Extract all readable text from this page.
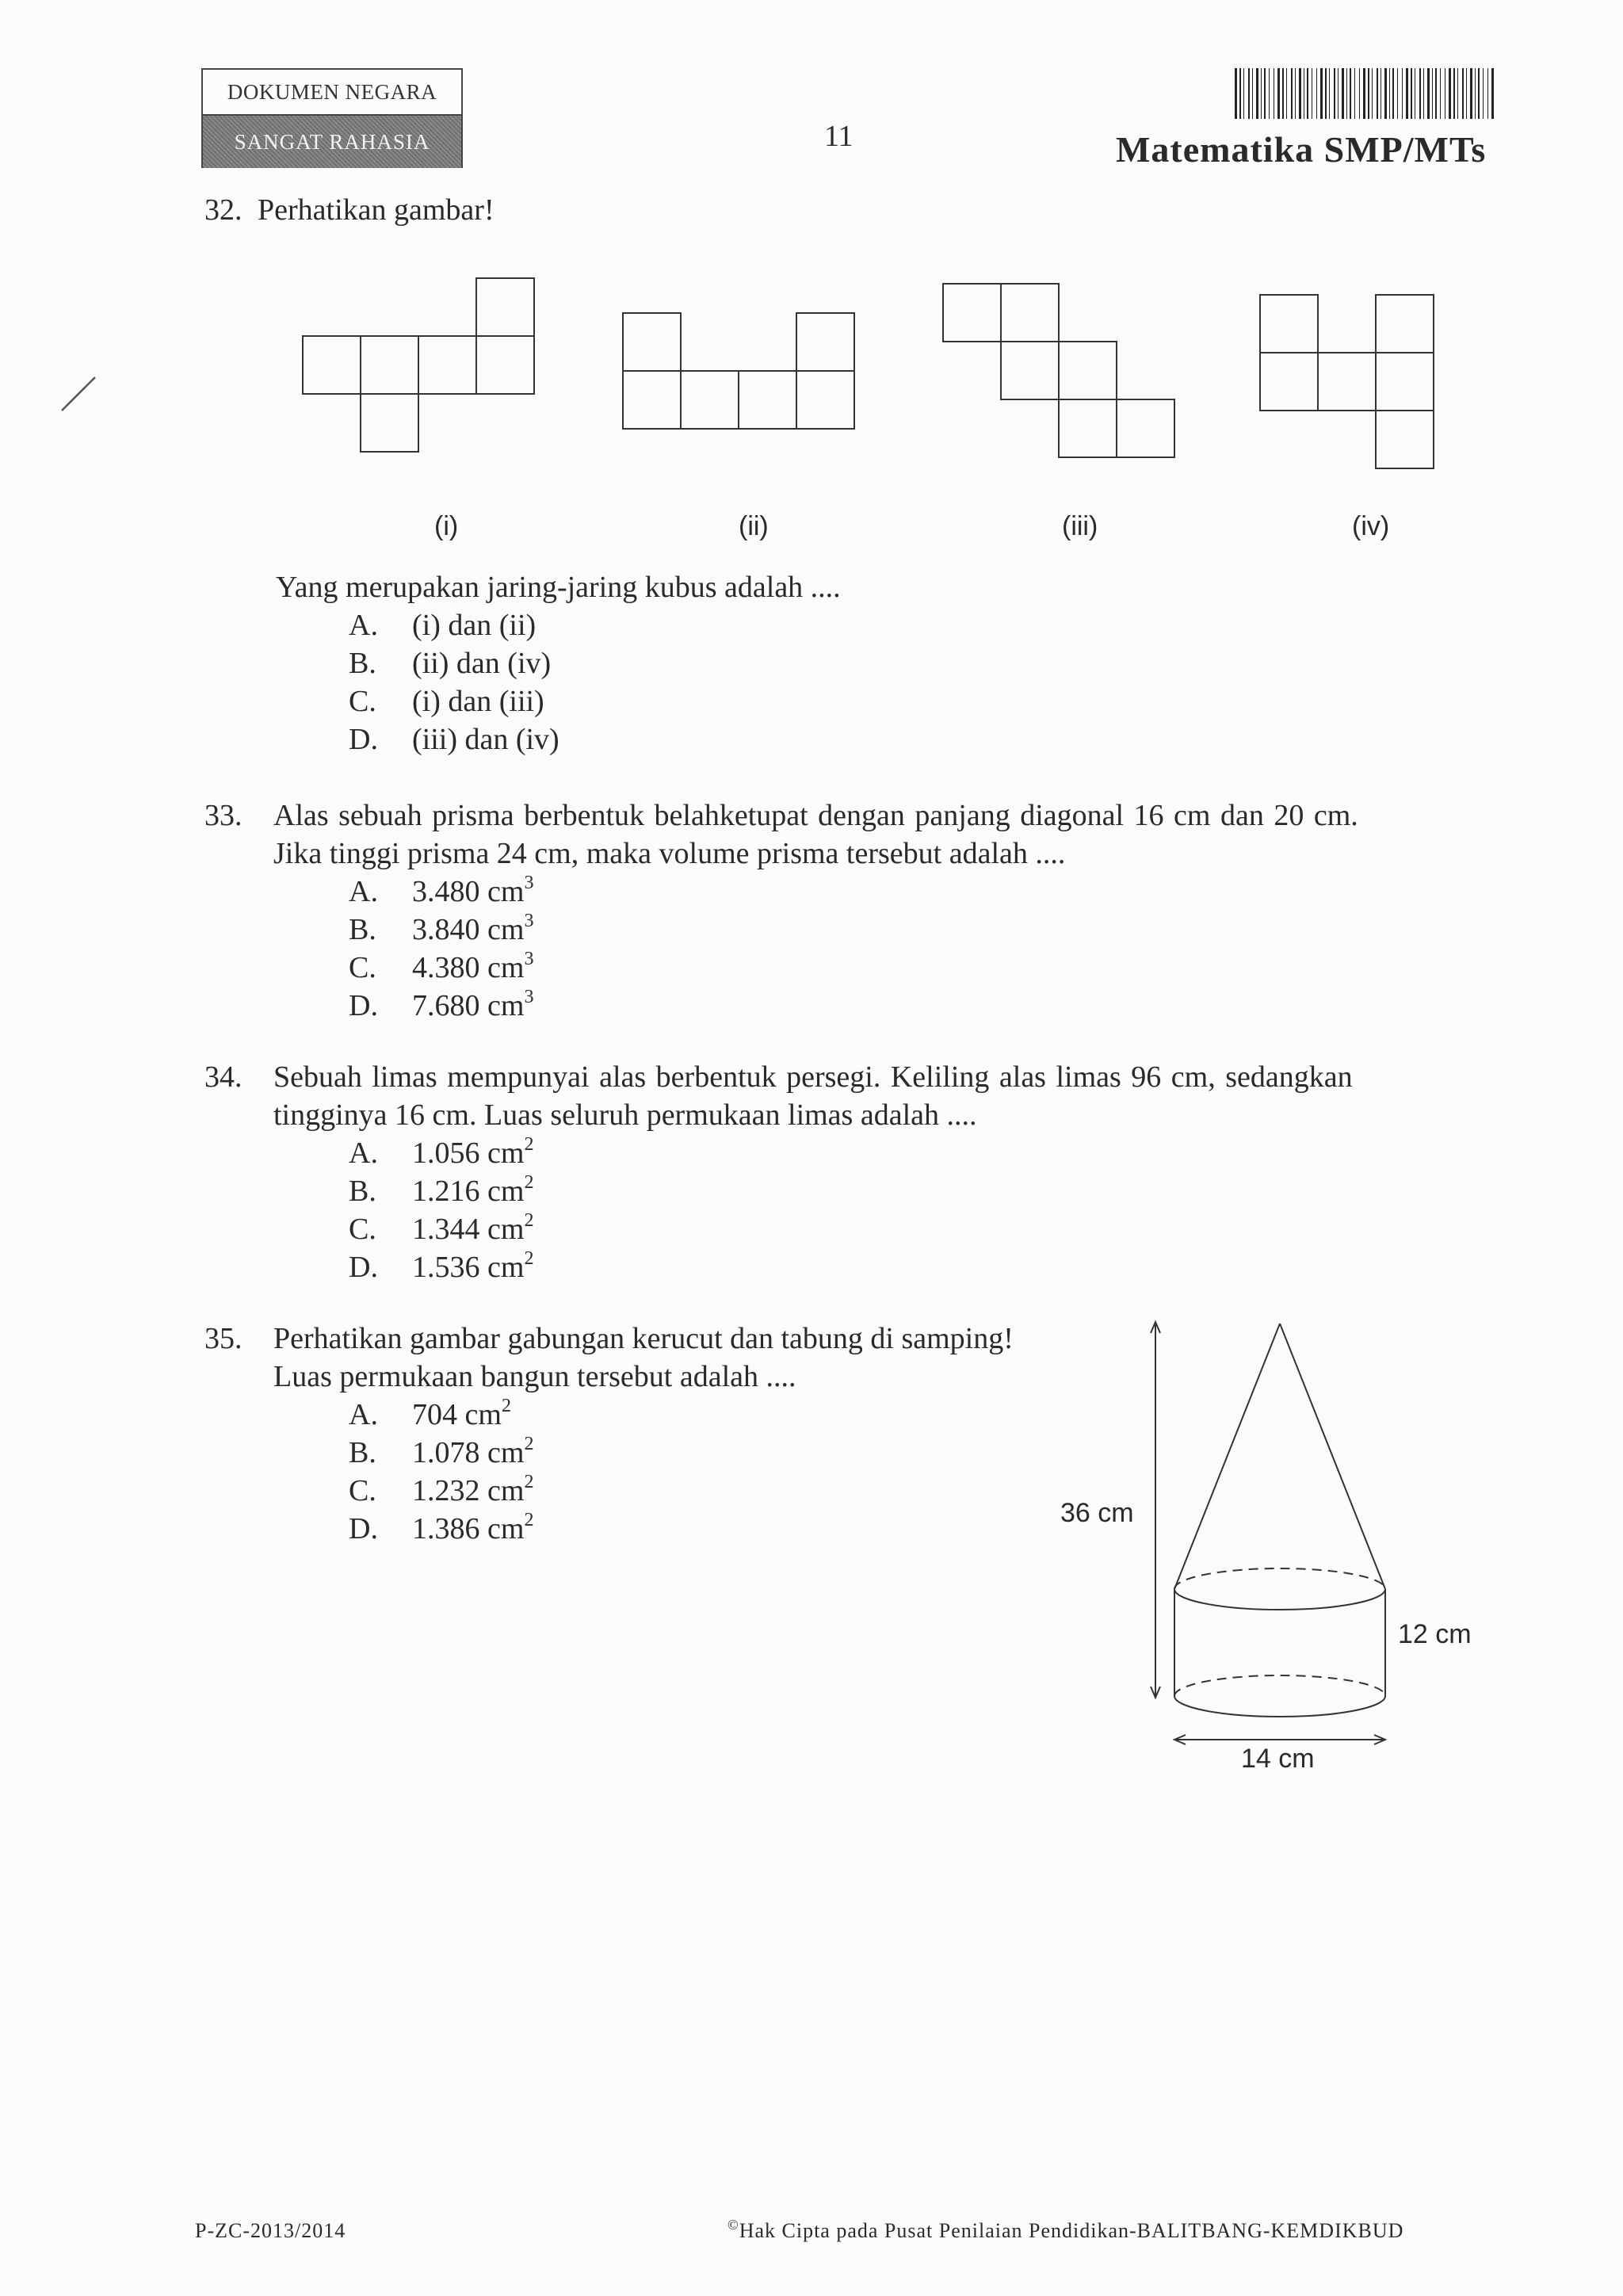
DOKUMEN NEGARA
SANGAT RAHASIA	11	Matematika SMP/MTs
32. Perhatikan gambar!
(i)	(ii)	(iii)	(iv)
Yang merupakan jaring-jaring kubus adalah ....
A. (i) dan (ii)
B. (ii) dan (iv)
C. (i) dan (iii)
D. (iii) dan (iv)
33. Alas sebuah prisma berbentuk belahketupat dengan panjang diagonal 16 cm dan 20 cm.
Jika tinggi prisma 24 cm, maka volume prisma tersebut adalah ....
A. 3.480 $cm^3$
B. 3.840 $cm^3$
C. 4.380 $cm^3$
D. 7.680 $cm^3$
34. Sebuah limas mempunyai alas berbentuk persegi. Keliling alas limas 96 cm, sedangkan
tingginya 16 cm. Luas seluruh permukaan limas adalah ....
A. 1.056 $cm^2$
B. 1.216 $cm^2$
C. 1.344 $cm^2$
D. 1.536 $cm^2$
35. Perhatikan gambar gabungan kerucut dan tabung di samping!
Luas permukaan bangun tersebut adalah ....
A. 704 $cm^2$
B. 1.078 $cm^2$
C. 1.232 $cm^2$
D. 1.386 $cm^2$	36 cm
12 cm
14 cm
P-ZC-2013/2014	©Hak Cipta pada Pusat Penilaian Pendidikan-BALITBANG-KEMDIKBUD
